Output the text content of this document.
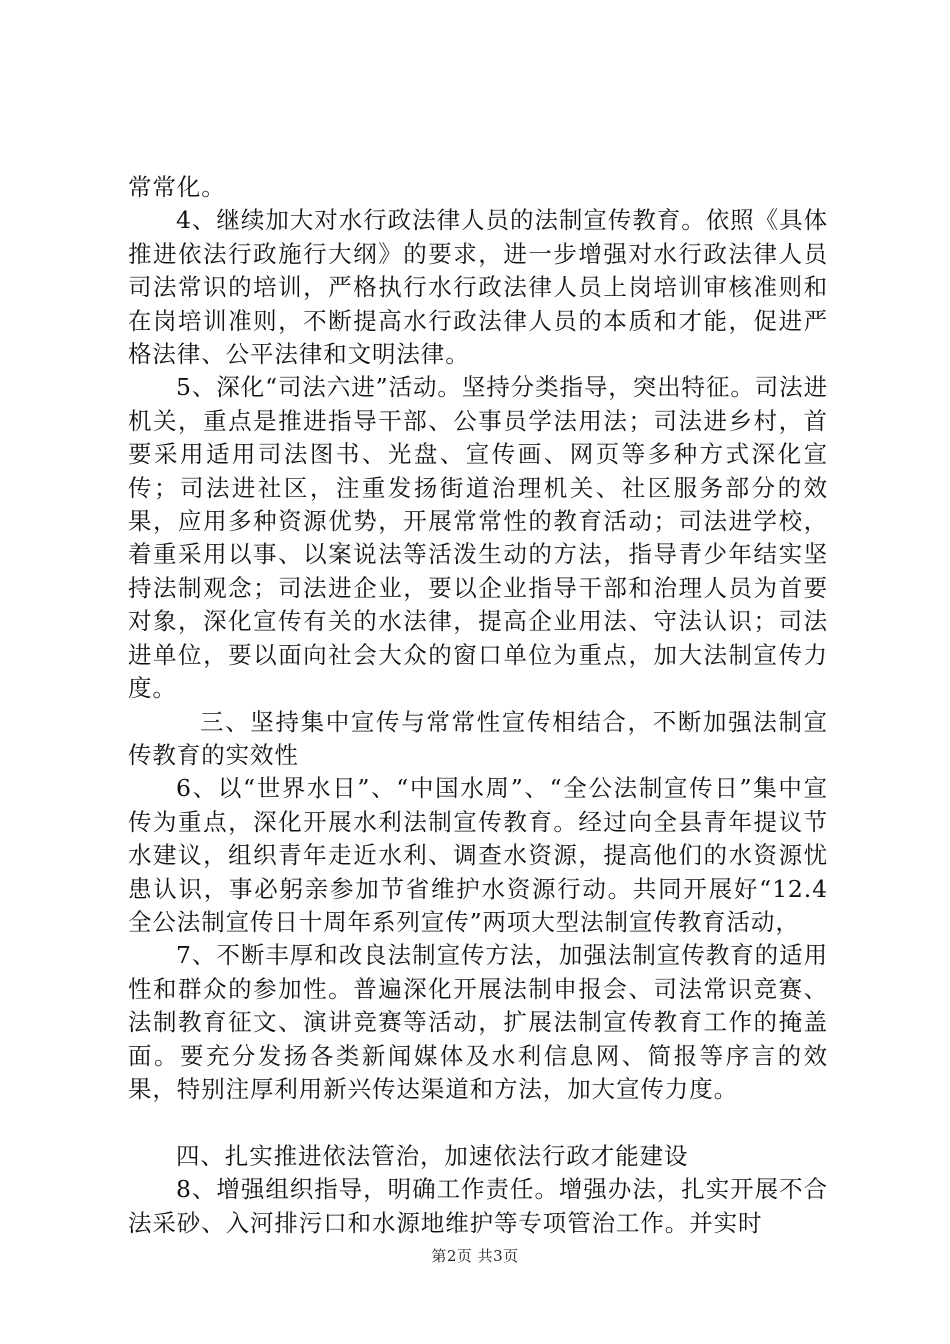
常常化。

4、继续加大对水行政法律人员的法制宣传教育。依照《具体推进依法行政施行大纲》的要求，进一步增强对水行政法律人员司法常识的培训，严格执行水行政法律人员上岗培训审核准则和在岗培训准则，不断提高水行政法律人员的本质和才能，促进严格法律、公平法律和文明法律。

5、深化“司法六进”活动。坚持分类指导，突出特征。司法进机关，重点是推进指导干部、公事员学法用法；司法进乡村，首要采用适用司法图书、光盘、宣传画、网页等多种方式深化宣传；司法进社区，注重发扬街道治理机关、社区服务部分的效果，应用多种资源优势，开展常常性的教育活动；司法进学校，着重采用以事、以案说法等活泼生动的方法，指导青少年结实坚持法制观念；司法进企业，要以企业指导干部和治理人员为首要对象，深化宣传有关的水法律，提高企业用法、守法认识；司法进单位，要以面向社会大众的窗口单位为重点，加大法制宣传力度。

三、坚持集中宣传与常常性宣传相结合，不断加强法制宣传教育的实效性

6、以“世界水日”、“中国水周”、“全公法制宣传日”集中宣传为重点，深化开展水利法制宣传教育。经过向全县青年提议节水建议，组织青年走近水利、调查水资源，提高他们的水资源忧患认识，事必躬亲参加节省维护水资源行动。共同开展好“12.4全公法制宣传日十周年系列宣传”两项大型法制宣传教育活动，

7、不断丰厚和改良法制宣传方法，加强法制宣传教育的适用性和群众的参加性。普遍深化开展法制申报会、司法常识竞赛、法制教育征文、演讲竞赛等活动，扩展法制宣传教育工作的掩盖面。要充分发扬各类新闻媒体及水利信息网、简报等序言的效果，特别注厚利用新兴传达渠道和方法，加大宣传力度。

四、扎实推进依法管治，加速依法行政才能建设

8、增强组织指导，明确工作责任。增强办法，扎实开展不合法采砂、入河排污口和水源地维护等专项管治工作。并实时

第2页 共3页
